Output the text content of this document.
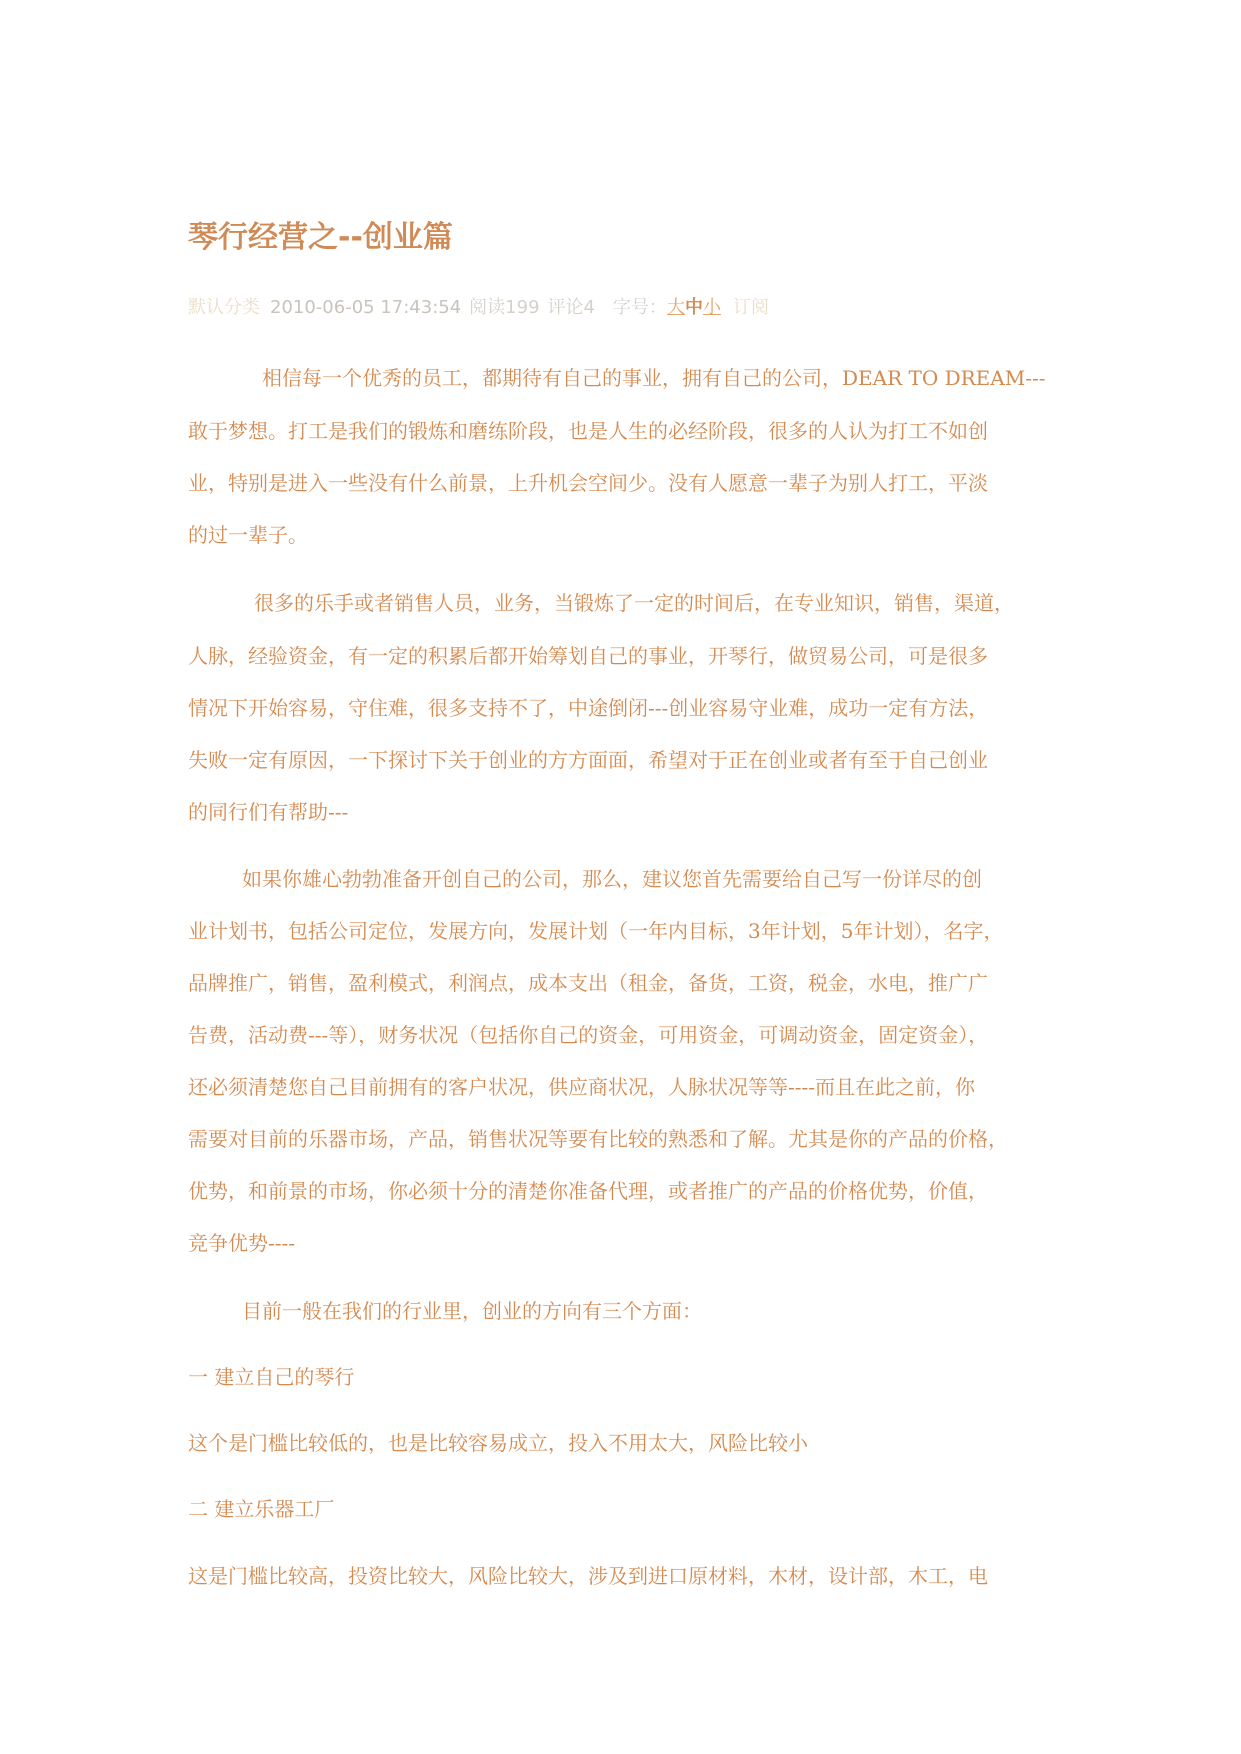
琴行经营之--创业篇
默认分类 2010-06-05 17:43:54 阅读199 评论4 字号：大中小 订阅
相信每一个优秀的员工，都期待有自己的事业，拥有自己的公司，DEAR TO DREAM---
敢于梦想。打工是我们的锻炼和磨练阶段，也是人生的必经阶段，很多的人认为打工不如创
业，特别是进入一些没有什么前景，上升机会空间少。没有人愿意一辈子为别人打工，平淡
的过一辈子。
很多的乐手或者销售人员，业务，当锻炼了一定的时间后，在专业知识，销售，渠道，
人脉，经验资金，有一定的积累后都开始筹划自己的事业，开琴行，做贸易公司，可是很多
情况下开始容易，守住难，很多支持不了，中途倒闭---创业容易守业难，成功一定有方法，
失败一定有原因，一下探讨下关于创业的方方面面，希望对于正在创业或者有至于自己创业
的同行们有帮助---
如果你雄心勃勃准备开创自己的公司，那么，建议您首先需要给自己写一份详尽的创
业计划书，包括公司定位，发展方向，发展计划（一年内目标，3年计划，5年计划），名字，
品牌推广，销售，盈利模式，利润点，成本支出（租金，备货，工资，税金，水电，推广广
告费，活动费---等），财务状况（包括你自己的资金，可用资金，可调动资金，固定资金），
还必须清楚您自己目前拥有的客户状况，供应商状况，人脉状况等等----而且在此之前，你
需要对目前的乐器市场，产品，销售状况等要有比较的熟悉和了解。尤其是你的产品的价格，
优势，和前景的市场，你必须十分的清楚你准备代理，或者推广的产品的价格优势，价值，
竞争优势----
目前一般在我们的行业里，创业的方向有三个方面：
一 建立自己的琴行
这个是门槛比较低的，也是比较容易成立，投入不用太大，风险比较小
二 建立乐器工厂
这是门槛比较高，投资比较大，风险比较大，涉及到进口原材料，木材，设计部，木工，电
